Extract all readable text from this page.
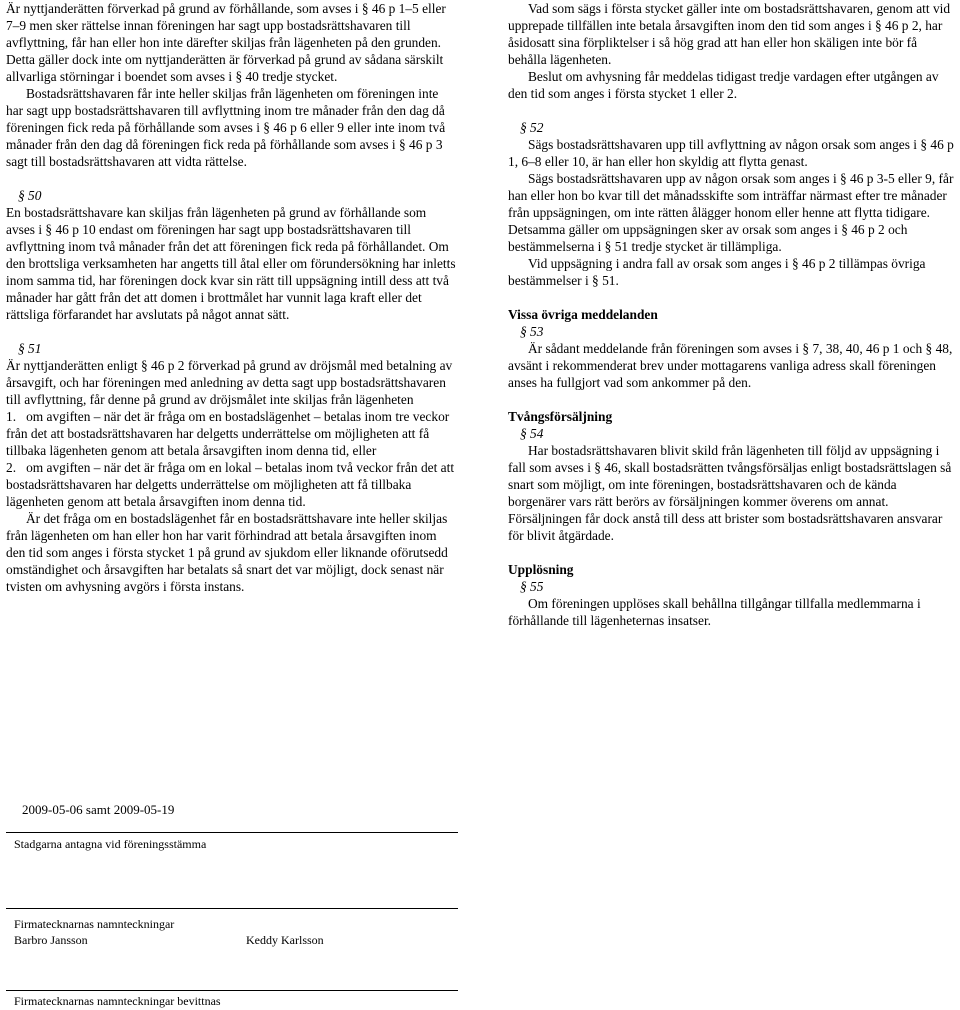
Är nyttjanderätten förverkad på grund av förhållande, som avses i § 46 p 1–5 eller 7–9 men sker rättelse innan föreningen har sagt upp bostadsrättshavaren till avflyttning, får han eller hon inte därefter skiljas från lägenheten på den grunden. Detta gäller dock inte om nyttjanderätten är förverkad på grund av sådana särskilt allvarliga störningar i boendet som avses i § 40 tredje stycket.

Bostadsrättshavaren får inte heller skiljas från lägenheten om föreningen inte har sagt upp bostadsrättshavaren till avflyttning inom tre månader från den dag då föreningen fick reda på förhållande som avses i § 46 p 6 eller 9 eller inte inom två månader från den dag då föreningen fick reda på förhållande som avses i § 46 p 3 sagt till bostadsrättshavaren att vidta rättelse.

§ 50

En bostadsrättshavare kan skiljas från lägenheten på grund av förhållande som avses i § 46 p 10 endast om föreningen har sagt upp bostadsrättshavaren till avflyttning inom två månader från det att föreningen fick reda på förhållandet. Om den brottsliga verksamheten har angetts till åtal eller om förundersökning har inletts inom samma tid, har föreningen dock kvar sin rätt till uppsägning intill dess att två månader har gått från det att domen i brottmålet har vunnit laga kraft eller det rättsliga förfarandet har avslutats på något annat sätt.

§ 51

Är nyttjanderätten enligt § 46 p 2 förverkad på grund av dröjsmål med betalning av årsavgift, och har föreningen med anledning av detta sagt upp bostadsrättshavaren till avflyttning, får denne på grund av dröjsmålet inte skiljas från lägenheten

1.   om avgiften – när det är fråga om en bostadslägenhet – betalas inom tre veckor från det att bostadsrättshavaren har delgetts underrättelse om möjligheten att få tillbaka lägenheten genom att betala årsavgiften inom denna tid, eller

2.   om avgiften – när det är fråga om en lokal – betalas inom två veckor från det att bostadsrättshavaren har delgetts underrättelse om möjligheten att få tillbaka lägenheten genom att betala årsavgiften inom denna tid.

Är det fråga om en bostadslägenhet får en bostadsrättshavare inte heller skiljas från lägenheten om han eller hon har varit förhindrad att betala årsavgiften inom den tid som anges i första stycket 1 på grund av sjukdom eller liknande oförutsedd omständighet och årsavgiften har betalats så snart det var möjligt, dock senast när tvisten om avhysning avgörs i första instans.

Vad som sägs i första stycket gäller inte om bostadsrättshavaren, genom att vid upprepade tillfällen inte betala årsavgiften inom den tid som anges i § 46 p 2, har åsidosatt sina förpliktelser i så hög grad att han eller hon skäligen inte bör få behålla lägenheten.

Beslut om avhysning får meddelas tidigast tredje vardagen efter utgången av den tid som anges i första stycket 1 eller 2.

§ 52

Sägs bostadsrättshavaren upp till avflyttning av någon orsak som anges i § 46 p 1, 6–8 eller 10, är han eller hon skyldig att flytta genast.

Sägs bostadsrättshavaren upp av någon orsak som anges i § 46 p 3-5 eller 9, får han eller hon bo kvar till det månadsskifte som inträffar närmast efter tre månader från uppsägningen, om inte rätten ålägger honom eller henne att flytta tidigare. Detsamma gäller om uppsägningen sker av orsak som anges i § 46 p 2 och bestämmelserna i § 51 tredje stycket är tillämpliga.

Vid uppsägning i andra fall av orsak som anges i § 46 p 2 tillämpas övriga bestämmelser i § 51.

Vissa övriga meddelanden

§ 53

Är sådant meddelande från föreningen som avses i § 7, 38, 40, 46 p 1 och § 48, avsänt i rekommenderat brev under mottagarens vanliga adress skall föreningen anses ha fullgjort vad som ankommer på den.

Tvångsförsäljning

§ 54

Har bostadsrättshavaren blivit skild från lägenheten till följd av uppsägning i fall som avses i § 46, skall bostadsrätten tvångsförsäljas enligt bostadsrättslagen så snart som möjligt, om inte föreningen, bostadsrättshavaren och de kända borgenärer vars rätt berörs av försäljningen kommer överens om annat. Försäljningen får dock anstå till dess att brister som bostadsrättshavaren ansvarar för blivit åtgärdade.

Upplösning

§ 55

Om föreningen upplöses skall behållna tillgångar tillfalla medlemmarna i förhållande till lägenheternas insatser.

2009-05-06 samt 2009-05-19
Stadgarna antagna vid föreningsstämma
Firmatecknarnas namnteckningar
Barbro Jansson	Keddy Karlsson
Firmatecknarnas namnteckningar bevittnas
